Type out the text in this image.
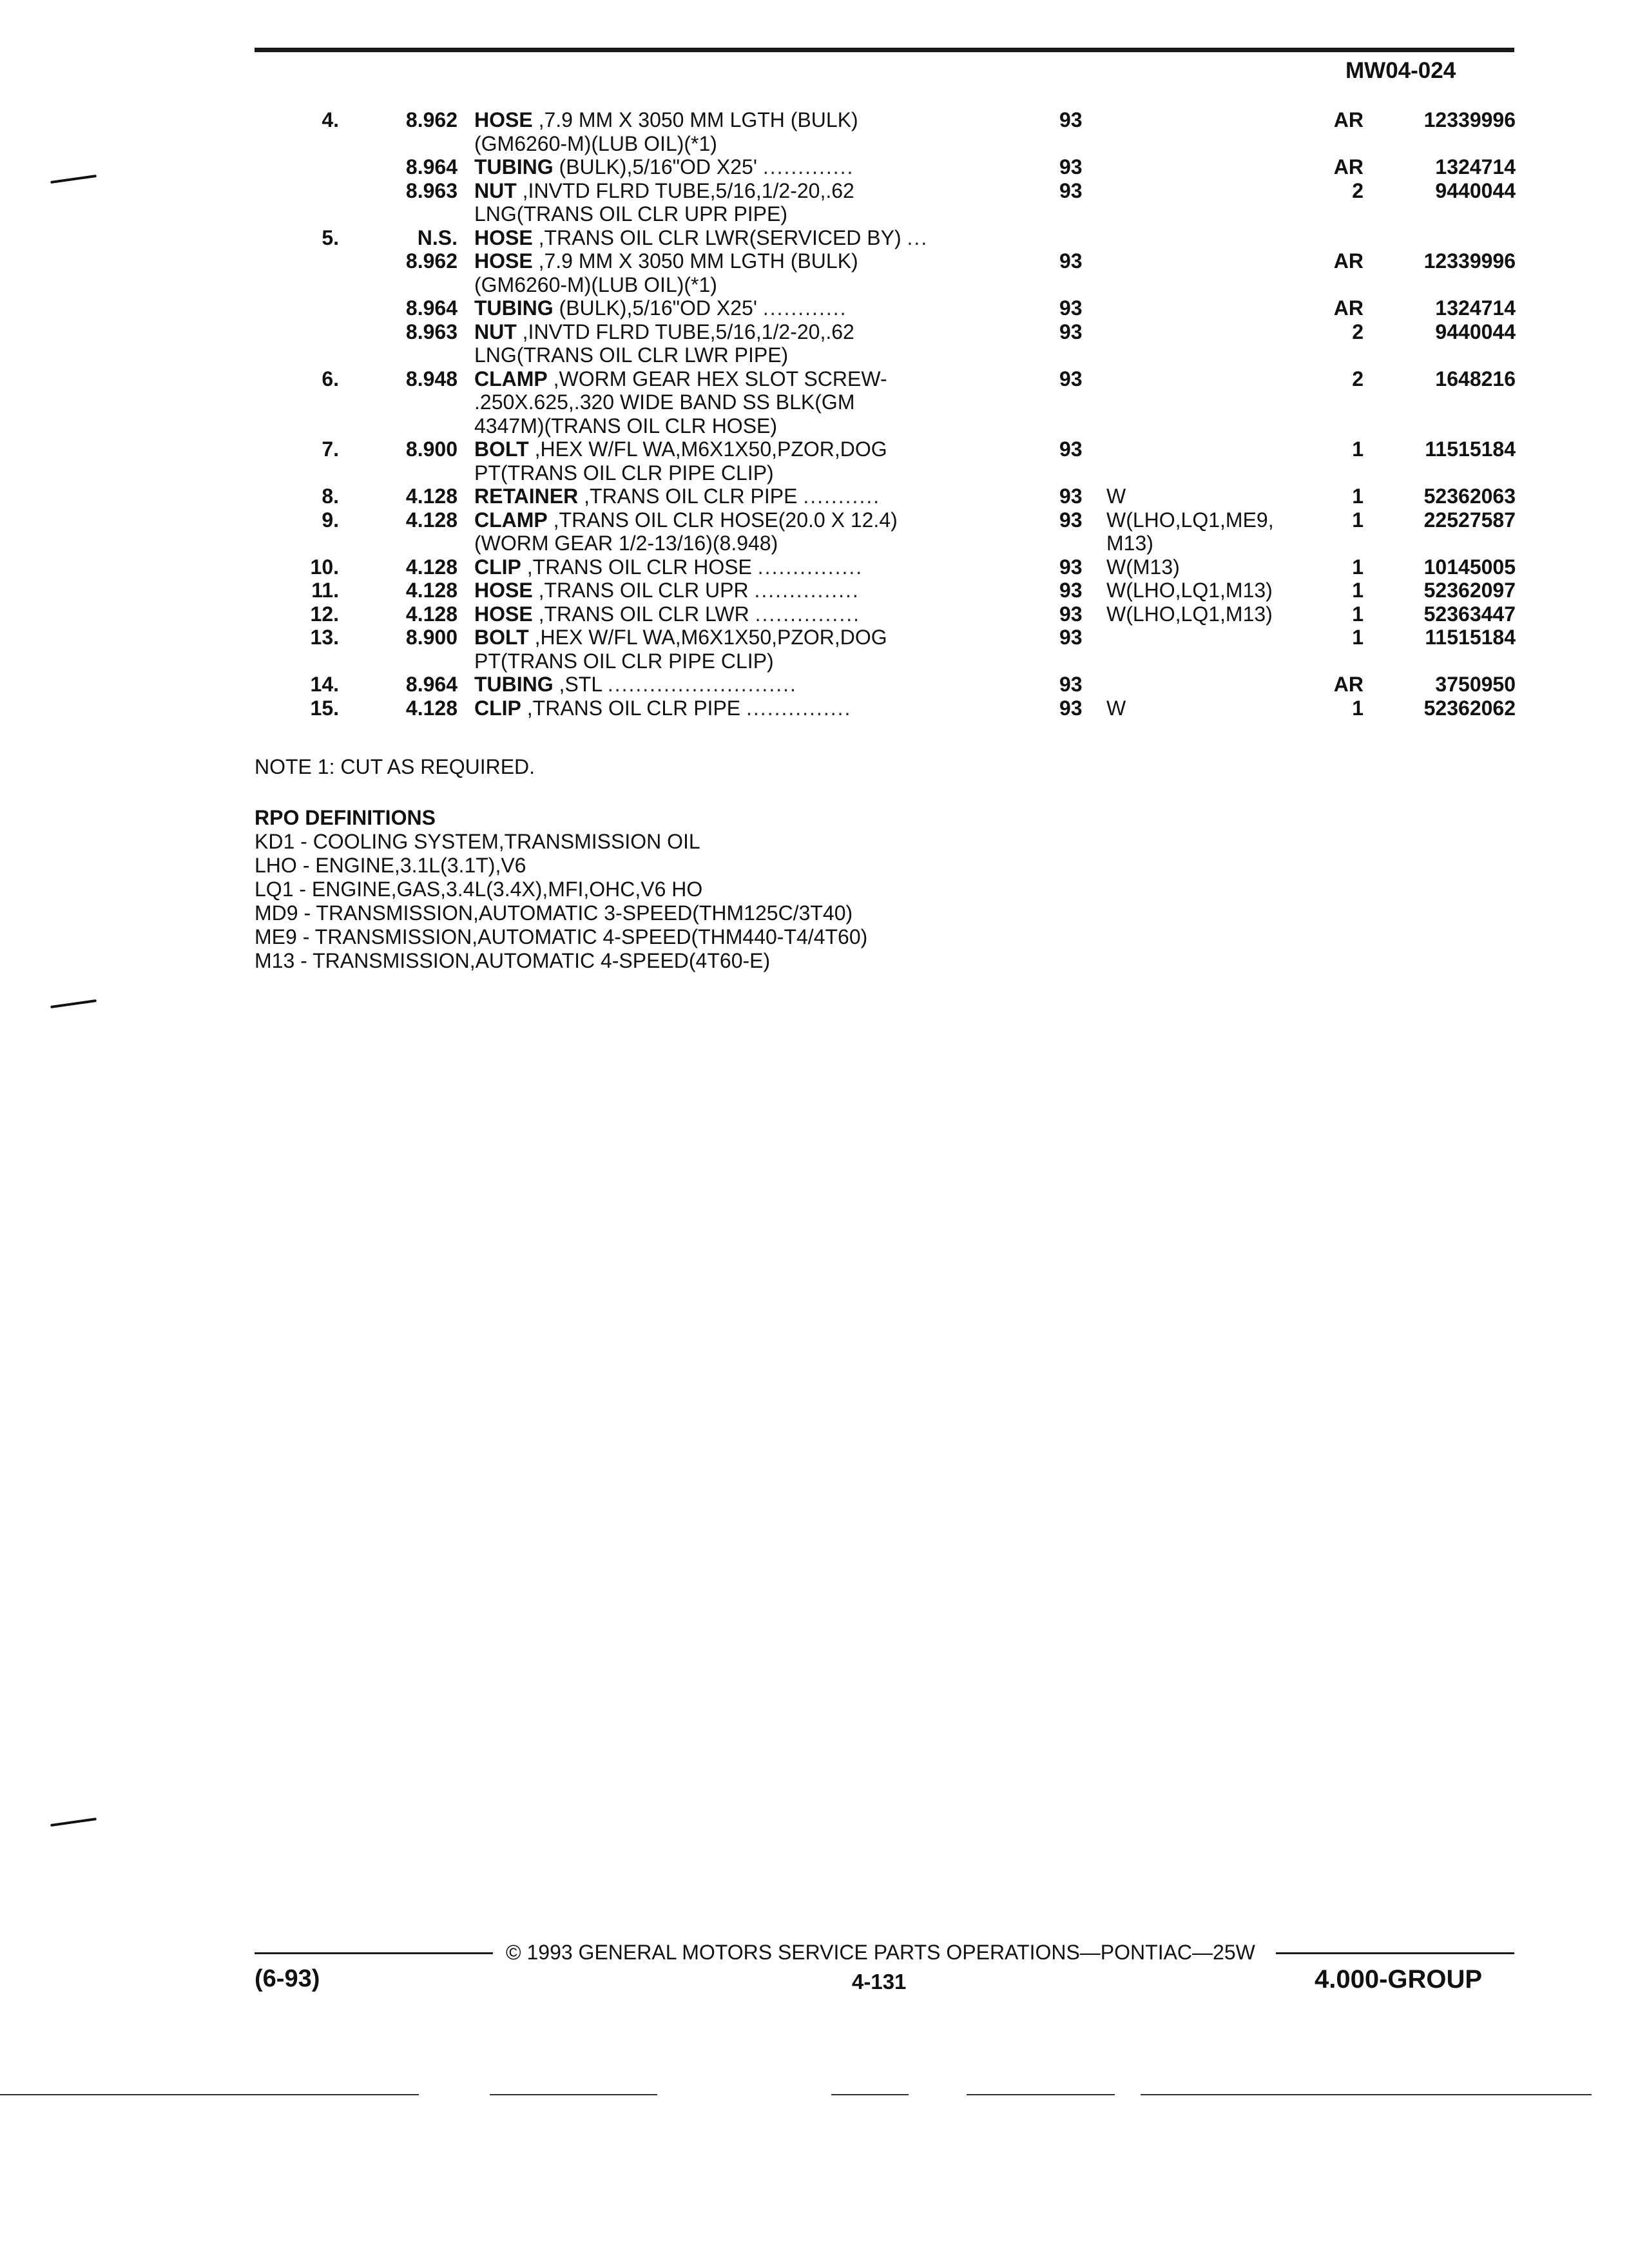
MW04-024
4.	8.962 HOSE ,7.9 MM X 3050 MM LGTH (BULK)	93	AR	12339996
(GM6260-M)(LUB OIL)(*1)
8.964 TUBING (BULK),5/16"OD X25' .............	93	AR	1324714
8.963 NUT ,INVTD FLRD TUBE,5/16,1/2-20,.62	93	2	9440044
LNG(TRANS OIL CLR UPR PIPE)
5.	N.S. HOSE ,TRANS OIL CLR LWR(SERVICED BY) ...
8.962 HOSE ,7.9 MM X 3050 MM LGTH (BULK)	93	AR	12339996
(GM6260-M)(LUB OIL)(*1)
8.964 TUBING (BULK),5/16"OD X25' ............	93	AR	1324714
8.963 NUT ,INVTD FLRD TUBE,5/16,1/2-20,.62	93	2	9440044
LNG(TRANS OIL CLR LWR PIPE)
6.	8.948 CLAMP ,WORM GEAR HEX SLOT SCREW-	93	2	1648216
.250X.625,.320 WIDE BAND SS BLK(GM
4347M)(TRANS OIL CLR HOSE)
7.	8.900 BOLT ,HEX W/FL WA,M6X1X50,PZOR,DOG	93	1	11515184
PT(TRANS OIL CLR PIPE CLIP)
8.	4.128 RETAINER ,TRANS OIL CLR PIPE ...........	93 W	1	52362063
9.	4.128 CLAMP ,TRANS OIL CLR HOSE(20.0 X 12.4)	93 W(LHO,LQ1,ME9,	1	22527587
(WORM GEAR 1/2-13/16)(8.948)	M13)
10.	4.128 CLIP ,TRANS OIL CLR HOSE ...............	93 W(M13)	1	10145005
11.	4.128 HOSE ,TRANS OIL CLR UPR ...............	93 W(LHO,LQ1,M13)	1	52362097
12.	4.128 HOSE ,TRANS OIL CLR LWR ...............	93 W(LHO,LQ1,M13)	1	52363447
13.	8.900 BOLT ,HEX W/FL WA,M6X1X50,PZOR,DOG	93	1	11515184
PT(TRANS OIL CLR PIPE CLIP)
14.	8.964 TUBING ,STL ...........................	93	AR	3750950
15.	4.128 CLIP ,TRANS OIL CLR PIPE ...............	93 W	1	52362062
NOTE 1: CUT AS REQUIRED.
RPO DEFINITIONS
KD1 - COOLING SYSTEM,TRANSMISSION OIL
LHO - ENGINE,3.1L(3.1T),V6
LQ1 - ENGINE,GAS,3.4L(3.4X),MFI,OHC,V6 HO
MD9 - TRANSMISSION,AUTOMATIC 3-SPEED(THM125C/3T40)
ME9 - TRANSMISSION,AUTOMATIC 4-SPEED(THM440-T4/4T60)
M13 - TRANSMISSION,AUTOMATIC 4-SPEED(4T60-E)
© 1993 GENERAL MOTORS SERVICE PARTS OPERATIONS—PONTIAC—25W
(6-93)	4-131	4.000-GROUP
